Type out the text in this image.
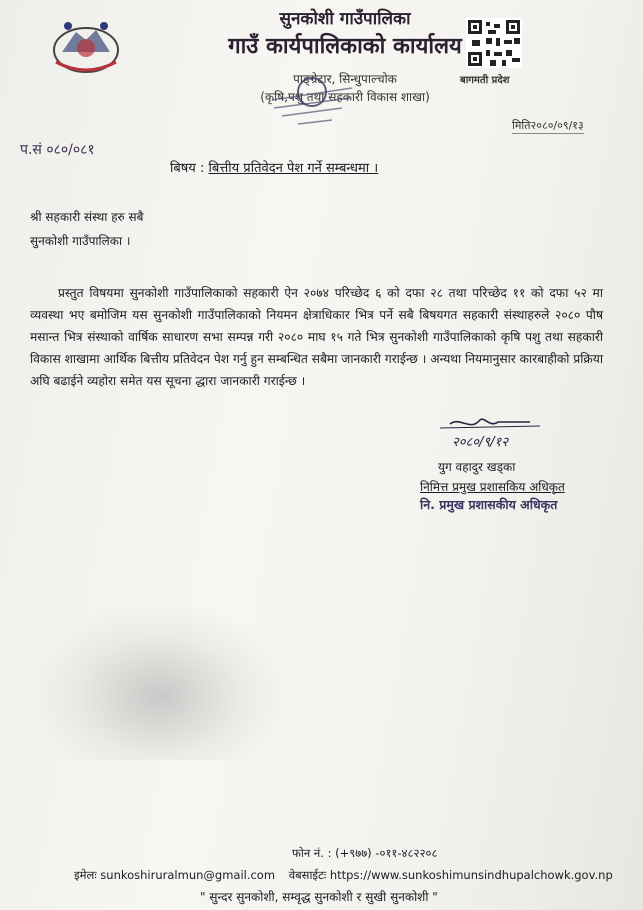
सुनकोशी गाउँपालिका
गाउँ कार्यपालिकाको कार्यालय
पाङ्ग्रेटार, सिन्धुपाल्चोक
(कृषि,पशु तथा सहकारी विकास शाखा)
बागमती प्रदेश
प.सं ०८०/०८१
मिति२०८०/०९/१३
बिषय : बित्तीय प्रतिवेदन पेश गर्ने सम्बन्धमा ।
श्री सहकारी संस्था हरु सबै
सुनकोशी गाउँपालिका ।
प्रस्तुत विषयमा सुनकोशी गाउँपालिकाको सहकारी ऐन २०७४ परिच्छेद ६ को दफा २८ तथा परिच्छेद ११ को दफा ५२ मा व्यवस्था भए बमोजिम यस सुनकोशी गाउँपालिकाको नियमन क्षेत्राधिकार भित्र पर्ने सबै बिषयगत सहकारी संस्थाहरुले २०८० पौष मसान्त भित्र संस्थाको वार्षिक साधारण सभा सम्पन्न गरी २०८० माघ १५ गते भित्र सुनकोशी गाउँपालिकाको कृषि पशु तथा सहकारी विकास शाखामा आर्थिक बित्तीय प्रतिवेदन पेश गर्नु हुन सम्बन्धित सबैमा जानकारी गराईन्छ । अन्यथा नियमानुसार कारबाहीको प्रक्रिया अघि बढाईने व्यहोरा समेत यस सूचना द्धारा जानकारी गराईन्छ ।
२०८०/९/१२
युग वहादुर खड्का
निमित्त प्रमुख प्रशासकिय अधिकृत
नि. प्रमुख प्रशासकीय अधिकृत
फोन नं. : (+९७७) -०११-४८२२०८
इमेलः sunkoshiruralmun@gmail.com वेबसाईटः https://www.sunkoshimunsindhupalchowk.gov.np
" सुन्दर सुनकोशी, सम्वृद्ध सुनकोशी र सुखी सुनकोशी "
